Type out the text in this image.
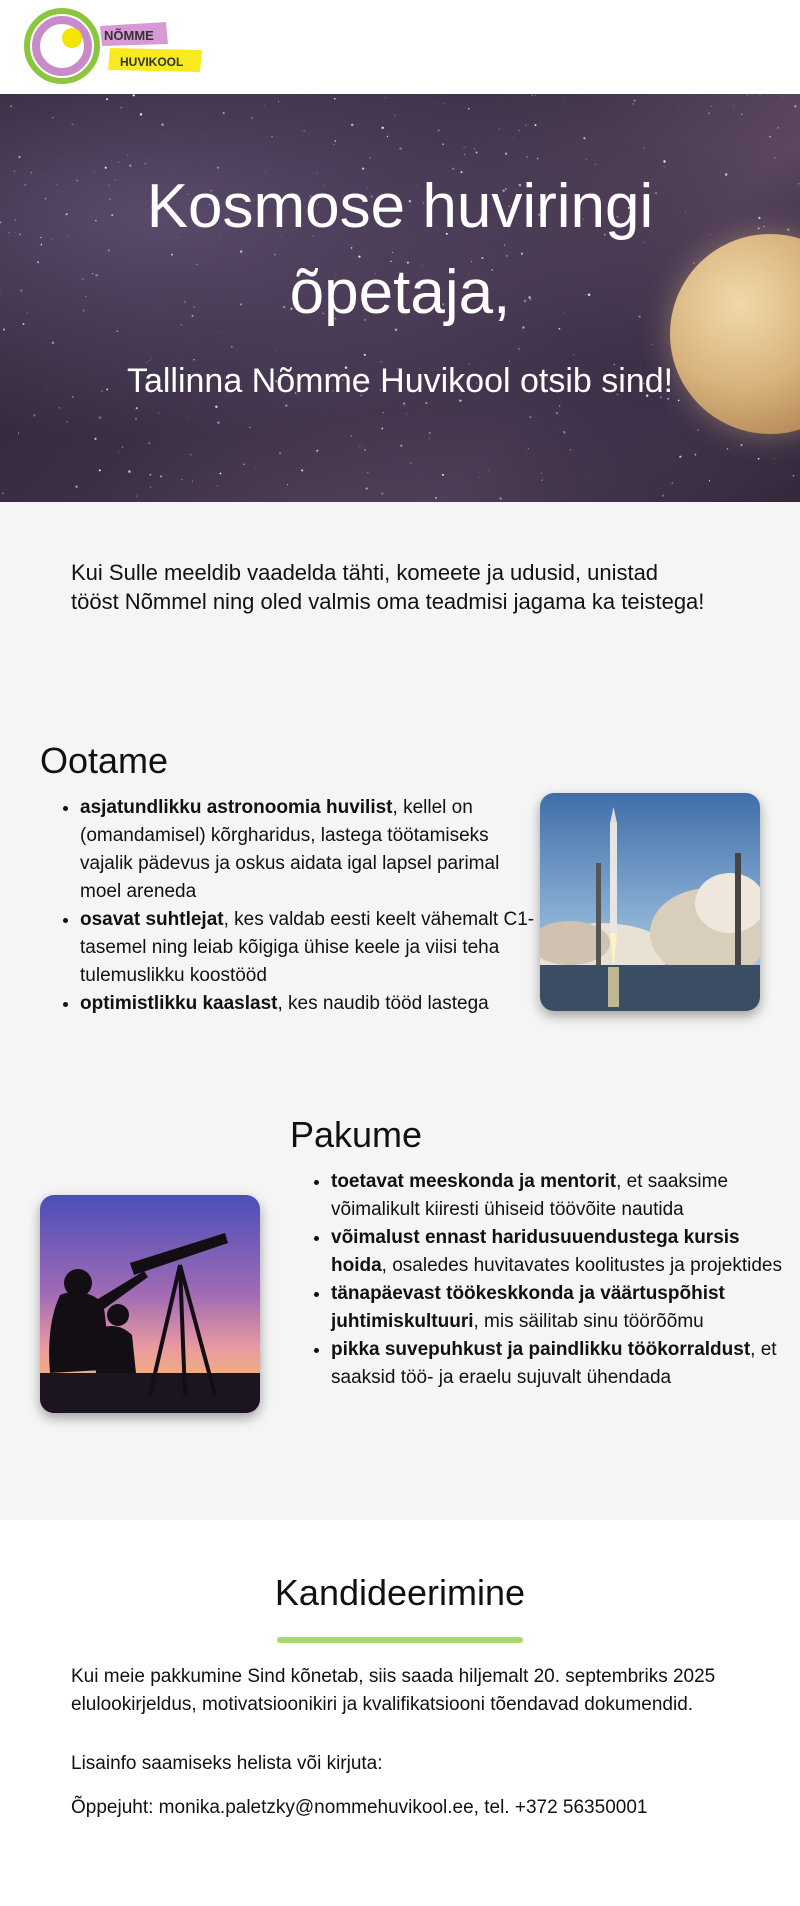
NÕMME
HUVIKOOL
Kosmose huviringi
õpetaja,
Tallinna Nõmme Huvikool otsib sind!

Kui Sulle meeldib vaadelda tähti, komeete ja udusid, unistad tööst Nõmmel ning oled valmis oma teadmisi jagama ka teistega!

Ootame
• asjatundlikku astronoomia huvilist, kellel on (omandamisel) kõrgharidus, lastega töötamiseks vajalik pädevus ja oskus aidata igal lapsel parimal moel areneda
• osavat suhtlejat, kes valdab eesti keelt vähemalt C1-tasemel ning leiab kõigiga ühise keele ja viisi teha tulemuslikku koostööd
• optimistlikku kaaslast, kes naudib tööd lastega
Pakume
• toetavat meeskonda ja mentorit, et saaksime võimalikult kiiresti ühiseid töövõite nautida
• võimalust ennast haridusuuendustega kursis hoida, osaledes huvitavates koolitustes ja projektides
• tänapäevast töökeskkonda ja väärtuspõhist juhtimiskultuuri, mis säilitab sinu töörõõmu
• pikka suvepuhkust ja paindlikku töökorraldust, et saaksid töö- ja eraelu sujuvalt ühendada
Kandideerimine

Kui meie pakkumine Sind kõnetab, siis saada hiljemalt 20. septembriks 2025 elulookirjeldus, motivatsioonikiri ja kvalifikatsiooni tõendavad dokumendid.

Lisainfo saamiseks helista või kirjuta:

Õppejuht: monika.paletzky@nommehuvikool.ee, tel. +372 56350001
